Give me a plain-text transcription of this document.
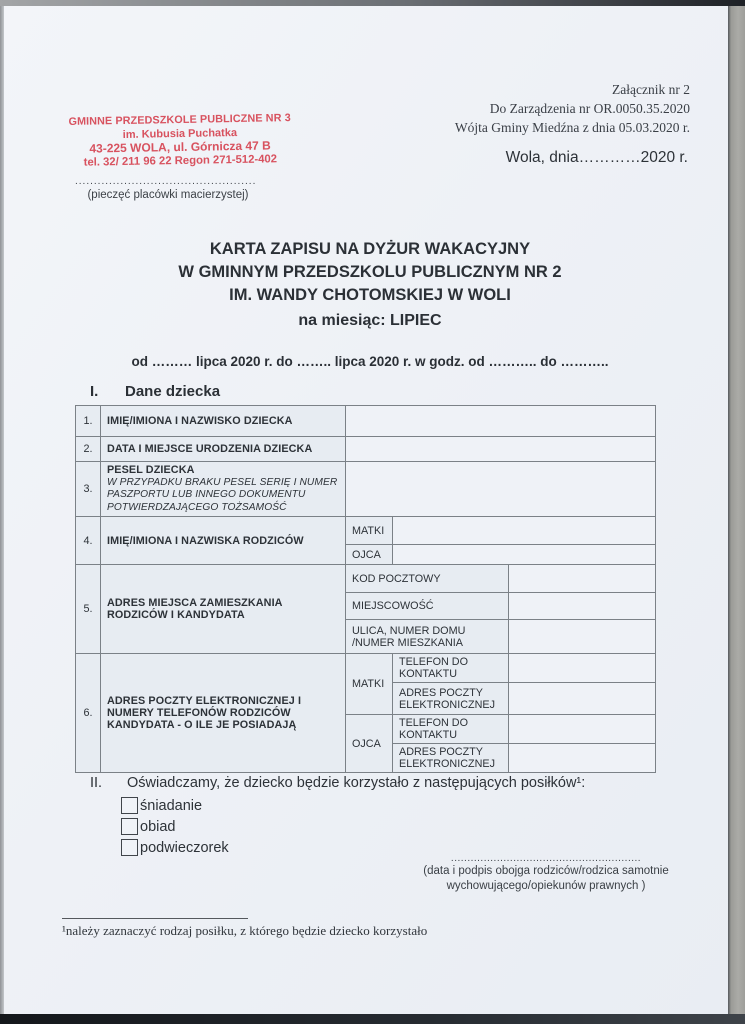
Załącznik nr 2
Do Zarządzenia nr OR.0050.35.2020
Wójta Gminy Miedźna z dnia 05.03.2020 r.
Wola, dnia…………2020 r.
GMINNE PRZEDSZKOLE PUBLICZNE NR 3
im. Kubusia Puchatka
43-225 WOLA, ul. Górnicza 47 B
tel. 32/ 211 96 22 Regon 271-512-402
................................................
(pieczęć placówki macierzystej)
KARTA ZAPISU NA DYŻUR WAKACYJNY
W GMINNYM PRZEDSZKOLU PUBLICZNYM NR 2
IM. WANDY CHOTOMSKIEJ W WOLI
na miesiąc: LIPIEC
od ……… lipca 2020 r. do …….. lipca 2020 r. w godz. od ……….. do ………..
I.	Dane dziecka
1.	IMIĘ/IMIONA I NAZWISKO DZIECKA			
2.	DATA I MIEJSCE URODZENIA DZIECKA			
3.	PESEL DZIECKA
W PRZYPADKU BRAKU PESEL SERIĘ I NUMER PASZPORTU LUB INNEGO DOKUMENTU POTWIERDZAJĄCEGO TOŻSAMOŚĆ			

4.	IMIĘ/IMIONA I NAZWISKA RODZICÓW	MATKI		
		OJCA		
5.	ADRES MIEJSCA ZAMIESZKANIA RODZICÓW I KANDYDATA	KOD POCZTOWY		
		MIEJSCOWOŚĆ		
		ULICA, NUMER DOMU /NUMER MIESZKANIA		
6.	ADRES POCZTY ELEKTRONICZNEJ I NUMERY TELEFONÓW RODZICÓW KANDYDATA - O ILE JE POSIADAJĄ	MATKI	TELEFON DO KONTAKTU	
			ADRES POCZTY ELEKTRONICZNEJ	
		OJCA	TELEFON DO KONTAKTU	
			ADRES POCZTY ELEKTRONICZNEJ	
II.	Oświadczamy, że dziecko będzie korzystało z następujących posiłków¹:
śniadanie
obiad
podwieczorek
..........................................................
(data i podpis obojga rodziców/rodzica samotnie
wychowującego/opiekunów prawnych )
¹należy zaznaczyć rodzaj posiłku, z którego będzie dziecko korzystało
